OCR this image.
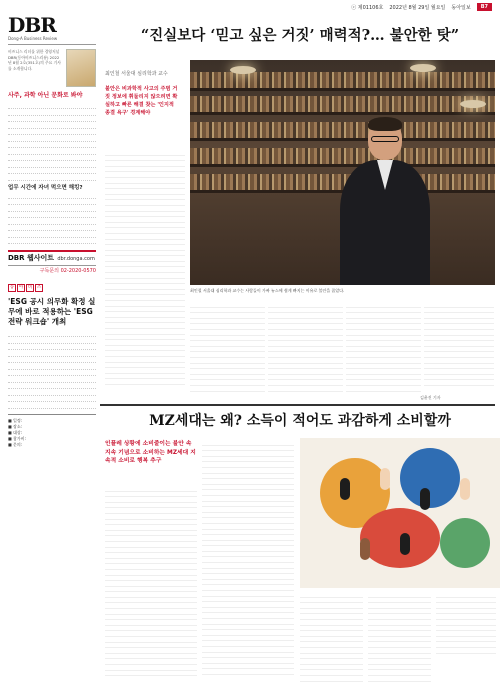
ⓒ 제01106호 2022년 8월 29일 월요일 동아일보	B7
DBR
Dong-A Business Review
비즈니스 리더를 위한 경영저널 DBR(동아비즈니스리뷰) 2022년 8월 2호(351호)의 주요 기사를 소개합니다.
사주, 과학 아닌 문화로 봐야
업무 시간에 자녀 먹으면 해킹?
DBR 웹사이트 dbr.donga.com
구독문의 02-2020-0570
동	아	비	즈
'ESG 공시 의무화 확정 실무에 바로 적용하는 'ESG 전략 워크숍' 개최
■ 일정:
■ 장소:
■ 대상:
■ 참가비:
■ 문의:
“진실보다 ‘믿고 싶은 거짓’ 매력적?… 불안한 탓”
최인철 서울대 심리학과 교수
불안은 비과학적 사고의 주범 거짓 정보에 휘둘리지 않으려면 확실하고 빠른 해결 찾는 '인지적 종결 욕구' 경계해야
최인철 서울대 심리학과 교수는 사람들이 가짜 뉴스에 쉽게 빠지는 이유로 불안을 꼽았다.
김윤진 기자
MZ세대는 왜? 소득이 적어도 과감하게 소비할까
인플레 상황에 소비줄이는 불안 속 지속 기념으로 소비하는 MZ세대 지속적 소비로 행복 추구
